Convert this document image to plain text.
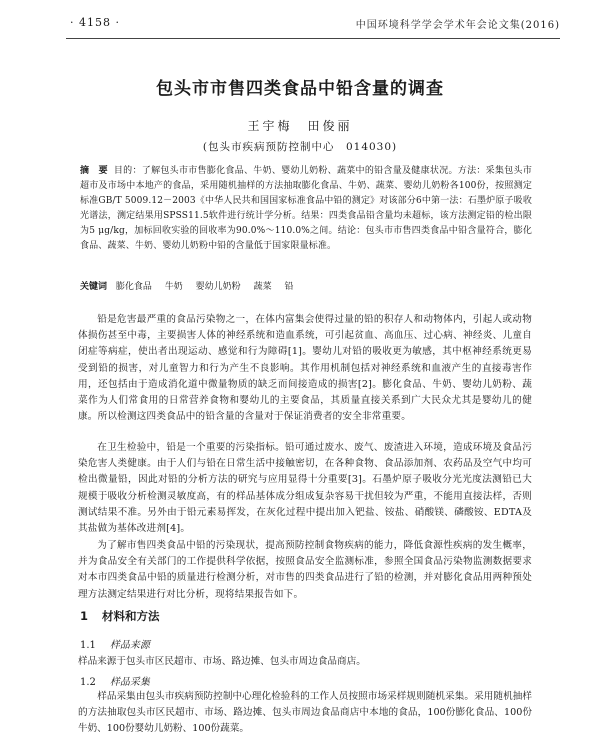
· 4158 ·	中国环境科学学会学术年会论文集(2016)
包头市市售四类食品中铅含量的调查
王宇梅　田俊丽
(包头市疾病预防控制中心　014030)
摘　要 目的：了解包头市市售膨化食品、牛奶、婴幼儿奶粉、蔬菜中的铅含量及健康状况。方法：采集包头市超市及市场中本地产的食品，采用随机抽样的方法抽取膨化食品、牛奶、蔬菜、婴幼儿奶粉各100份，按照测定标准GB/T 5009.12－2003《中华人民共和国国家标准食品中铅的测定》对该部分6中第一法：石墨炉原子吸收光谱法，测定结果用SPSS11.5软件进行统计学分析。结果：四类食品铅含量均未超标，该方法测定铅的检出限为5 μg/kg，加标回收实验的回收率为90.0%～110.0%之间。结论：包头市市售四类食品中铅含量符合，膨化食品、蔬菜、牛奶、婴幼儿奶粉中铅的含量低于国家限量标准。
关键词 膨化食品 牛奶 婴幼儿奶粉 蔬菜 铅

铅是危害最严重的食品污染物之一，在体内富集会使得过量的铅的积存人和动物体内，引起人或动物体损伤甚至中毒，主要损害人体的神经系统和造血系统，可引起贫血、高血压、过心病、神经炎、儿童自闭症等病症，使出者出现运动、感觉和行为障碍[1]。婴幼儿对铅的吸收更为敏感，其中枢神经系统更易受到铅的损害，对儿童智力和行为产生不良影响。其作用机制包括对神经系统和血液产生的直接毒害作用，还包括由于造成消化道中微量物质的缺乏而间接造成的损害[2]。膨化食品、牛奶、婴幼儿奶粉、蔬菜作为人们常食用的日常营养食物和婴幼儿的主要食品，其质量直接关系到广大民众尤其是婴幼儿的健康。所以检测这四类食品中的铅含量的含量对于保证消费者的安全非常重要。

在卫生检验中，铅是一个重要的污染指标。铅可通过废水、废气、废渣进入环境，造成环境及食品污染危害人类健康。由于人们与铅在日常生活中接触密切，在各种食物、食品添加剂、农药品及空气中均可检出微量铅，因此对铅的分析方法的研究与应用显得十分重要[3]。石墨炉原子吸收分光光度法测铅已大规模于吸收分析检测灵敏度高，有的样品基体成分组成复杂容易干扰但较为严重，不能用直接法样，否则测试结果不准。另外由于铅元素易挥发，在灰化过程中提出加入钯盐、铵盐、硝酸镁、磷酸铵、EDTA及其盐做为基体改进剂[4]。

为了解市售四类食品中铅的污染现状，提高预防控制食物疾病的能力，降低食源性疾病的发生概率，并为食品安全有关部门的工作提供科学依据，按照食品安全监测标准，参照全国食品污染物监测数据要求对本市四类食品中铅的质量进行检测分析，对市售的四类食品进行了铅的检测，并对膨化食品用两种预处理方法测定结果进行对比分析，现将结果报告如下。

1 材料和方法
1.1 样品来源

样品来源于包头市区民超市、市场、路边摊、包头市周边食品商店。

1.2 样品采集

样品采集由包头市疾病预防控制中心理化检验科的工作人员按照市场采样规则随机采集。采用随机抽样的方法抽取包头市区民超市、市场、路边摊、包头市周边食品商店中本地的食品，100份膨化食品、100份牛奶、100份婴幼儿奶粉、100份蔬菜。
